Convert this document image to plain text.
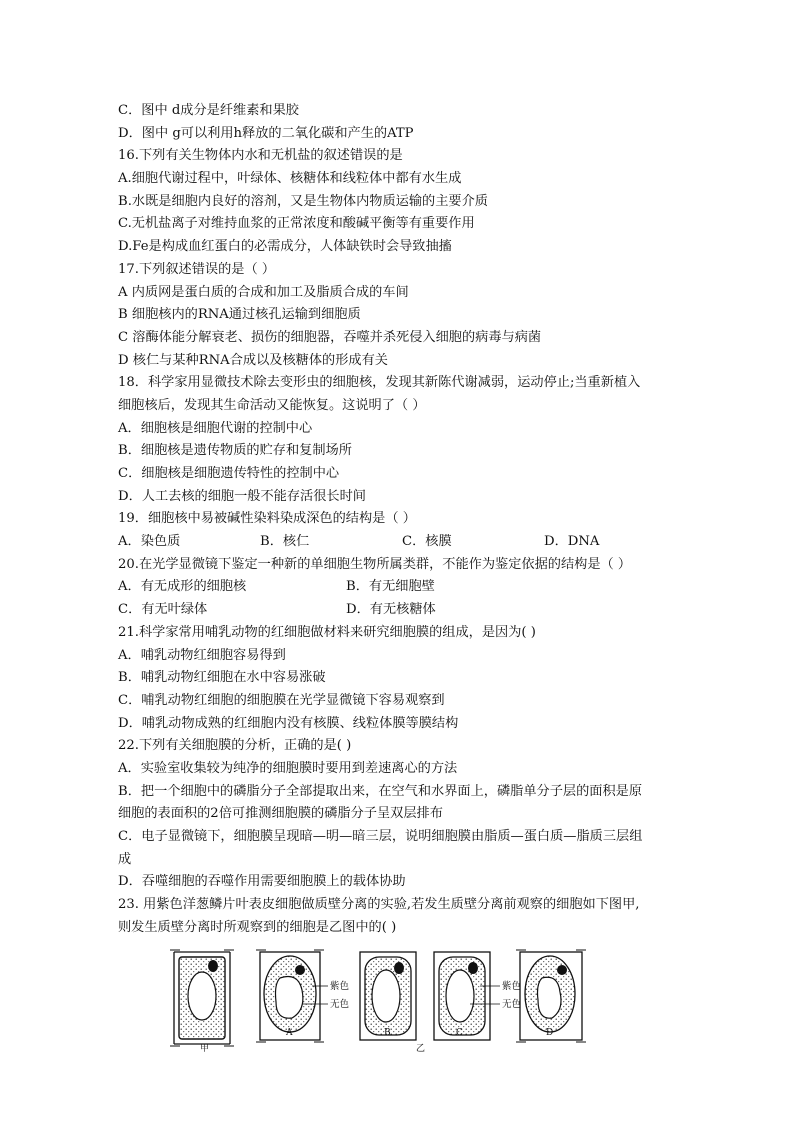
C．图中 d成分是纤维素和果胶
D．图中 g可以利用h释放的二氧化碳和产生的ATP
16.下列有关生物体内水和无机盐的叙述错误的是
A.细胞代谢过程中，叶绿体、核糖体和线粒体中都有水生成
B.水既是细胞内良好的溶剂，又是生物体内物质运输的主要介质
C.无机盐离子对维持血浆的正常浓度和酸碱平衡等有重要作用
D.Fe是构成血红蛋白的必需成分，人体缺铁时会导致抽搐
17.下列叙述错误的是（ ）
A 内质网是蛋白质的合成和加工及脂质合成的车间
B 细胞核内的RNA通过核孔运输到细胞质
C 溶酶体能分解衰老、损伤的细胞器，吞噬并杀死侵入细胞的病毒与病菌
D 核仁与某种RNA合成以及核糖体的形成有关
18．科学家用显微技术除去变形虫的细胞核，发现其新陈代谢减弱，运动停止;当重新植入
细胞核后，发现其生命活动又能恢复。这说明了（ ）
A．细胞核是细胞代谢的控制中心
B．细胞核是遗传物质的贮存和复制场所
C．细胞核是细胞遗传特性的控制中心
D．人工去核的细胞一般不能存活很长时间
19．细胞核中易被碱性染料染成深色的结构是（ ）
A．染色质	B．核仁	C．核膜	D．DNA
20.在光学显微镜下鉴定一种新的单细胞生物所属类群，不能作为鉴定依据的结构是（ ）
A．有无成形的细胞核	B．有无细胞壁
C．有无叶绿体	D．有无核糖体
21.科学家常用哺乳动物的红细胞做材料来研究细胞膜的组成，是因为( )
A．哺乳动物红细胞容易得到
B．哺乳动物红细胞在水中容易涨破
C．哺乳动物红细胞的细胞膜在光学显微镜下容易观察到
D．哺乳动物成熟的红细胞内没有核膜、线粒体膜等膜结构
22.下列有关细胞膜的分析，正确的是( )
A．实验室收集较为纯净的细胞膜时要用到差速离心的方法
B．把一个细胞中的磷脂分子全部提取出来，在空气和水界面上，磷脂单分子层的面积是原
细胞的表面积的2倍可推测细胞膜的磷脂分子呈双层排布
C．电子显微镜下，细胞膜呈现暗—明—暗三层，说明细胞膜由脂质—蛋白质—脂质三层组
成
D．吞噬细胞的吞噬作用需要细胞膜上的载体协助
23. 用紫色洋葱鳞片叶表皮细胞做质壁分离的实验,若发生质壁分离前观察的细胞如下图甲,
则发生质壁分离时所观察到的细胞是乙图中的( )
紫色
无色
紫色
无色
A	B	C	D
甲	乙
